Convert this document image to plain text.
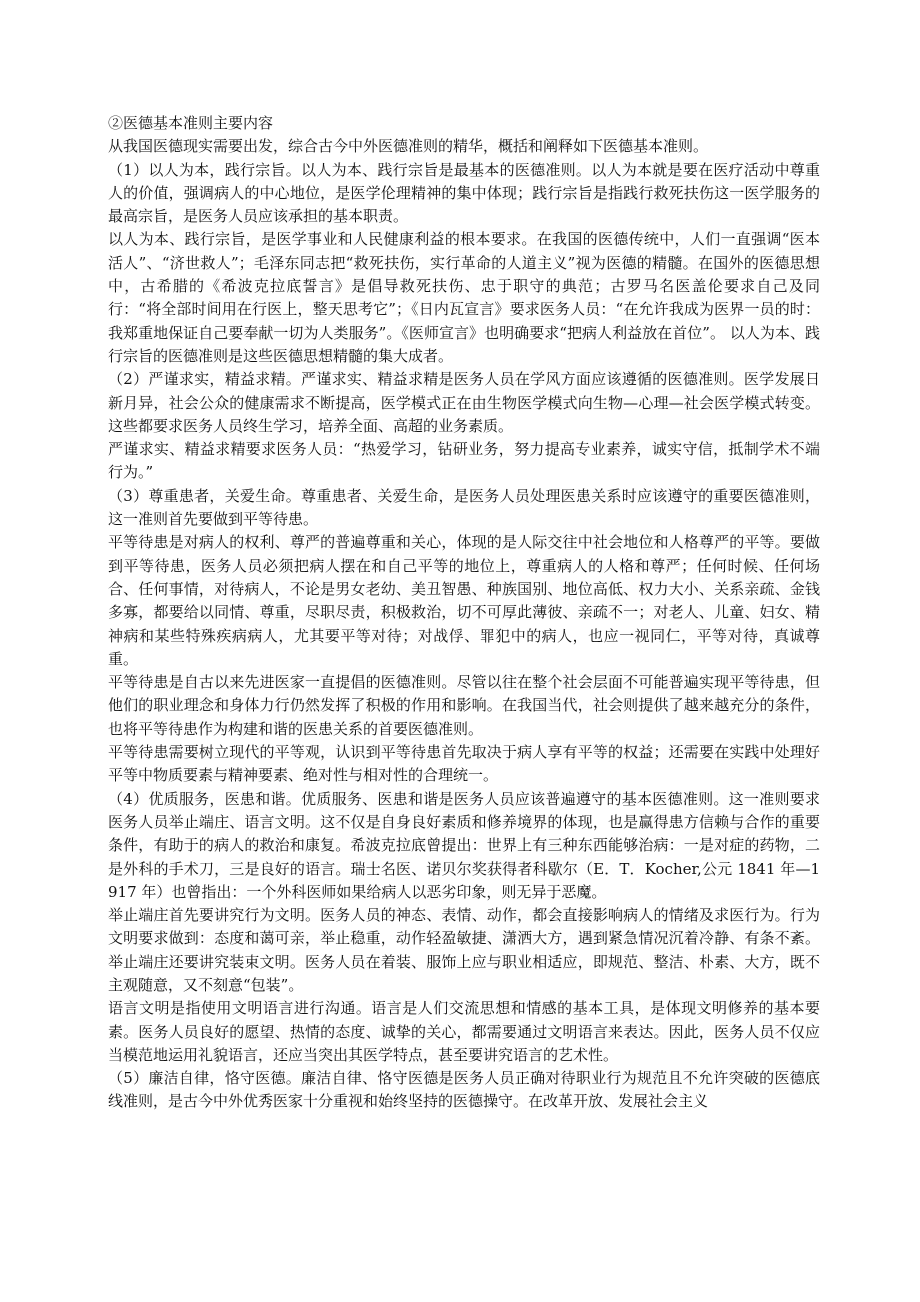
②医德基本准则主要内容

从我国医德现实需要出发，综合古今中外医德准则的精华，概括和阐释如下医德基本准则。

（1）以人为本，践行宗旨。以人为本、践行宗旨是最基本的医德准则。以人为本就是要在医疗活动中尊重人的价值，强调病人的中心地位，是医学伦理精神的集中体现；践行宗旨是指践行救死扶伤这一医学服务的最高宗旨，是医务人员应该承担的基本职责。

以人为本、践行宗旨，是医学事业和人民健康利益的根本要求。在我国的医德传统中，人们一直强调“医本活人”、“济世救人”；毛泽东同志把“救死扶伤，实行革命的人道主义”视为医德的精髓。在国外的医德思想中，古希腊的《希波克拉底誓言》是倡导救死扶伤、忠于职守的典范；古罗马名医盖伦要求自己及同行：“将全部时间用在行医上，整天思考它”；《日内瓦宣言》要求医务人员：“在允许我成为医界一员的时：我郑重地保证自己要奉献一切为人类服务”。《医师宣言》也明确要求“把病人利益放在首位”。 以人为本、践行宗旨的医德准则是这些医德思想精髓的集大成者。

（2）严谨求实，精益求精。严谨求实、精益求精是医务人员在学风方面应该遵循的医德准则。医学发展日新月异，社会公众的健康需求不断提高，医学模式正在由生物医学模式向生物—心理—社会医学模式转变。这些都要求医务人员终生学习，培养全面、高超的业务素质。

严谨求实、精益求精要求医务人员：“热爱学习，钻研业务，努力提高专业素养，诚实守信，抵制学术不端行为。”

（3）尊重患者，关爱生命。尊重患者、关爱生命，是医务人员处理医患关系时应该遵守的重要医德准则，这一准则首先要做到平等待患。

平等待患是对病人的权利、尊严的普遍尊重和关心，体现的是人际交往中社会地位和人格尊严的平等。要做到平等待患，医务人员必须把病人摆在和自己平等的地位上，尊重病人的人格和尊严；任何时候、任何场合、任何事情，对待病人，不论是男女老幼、美丑智愚、种族国别、地位高低、权力大小、关系亲疏、金钱多寡，都要给以同情、尊重，尽职尽责，积极救治，切不可厚此薄彼、亲疏不一；对老人、儿童、妇女、精神病和某些特殊疾病病人，尤其要平等对待；对战俘、罪犯中的病人，也应一视同仁，平等对待，真诚尊重。

平等待患是自古以来先进医家一直提倡的医德准则。尽管以往在整个社会层面不可能普遍实现平等待患，但他们的职业理念和身体力行仍然发挥了积极的作用和影响。在我国当代，社会则提供了越来越充分的条件，也将平等待患作为构建和谐的医患关系的首要医德准则。

平等待患需要树立现代的平等观，认识到平等待患首先取决于病人享有平等的权益；还需要在实践中处理好平等中物质要素与精神要素、绝对性与相对性的合理统一。

（4）优质服务，医患和谐。优质服务、医患和谐是医务人员应该普遍遵守的基本医德准则。这一准则要求医务人员举止端庄、语言文明。这不仅是自身良好素质和修养境界的体现，也是赢得患方信赖与合作的重要条件，有助于的病人的救治和康复。希波克拉底曾提出：世界上有三种东西能够治病：一是对症的药物，二是外科的手术刀，三是良好的语言。瑞士名医、诺贝尔奖获得者科歇尔（E．T．Kocher,公元 1841 年—1917 年）也曾指出：一个外科医师如果给病人以恶劣印象，则无异于恶魔。

举止端庄首先要讲究行为文明。医务人员的神态、表情、动作，都会直接影响病人的情绪及求医行为。行为文明要求做到：态度和蔼可亲，举止稳重，动作轻盈敏捷、潇洒大方，遇到紧急情况沉着冷静、有条不紊。举止端庄还要讲究装束文明。医务人员在着装、服饰上应与职业相适应，即规范、整洁、朴素、大方，既不主观随意，又不刻意“包装”。

语言文明是指使用文明语言进行沟通。语言是人们交流思想和情感的基本工具，是体现文明修养的基本要素。医务人员良好的愿望、热情的态度、诚挚的关心，都需要通过文明语言来表达。因此，医务人员不仅应当模范地运用礼貌语言，还应当突出其医学特点，甚至要讲究语言的艺术性。

（5）廉洁自律，恪守医德。廉洁自律、恪守医德是医务人员正确对待职业行为规范且不允许突破的医德底线准则，是古今中外优秀医家十分重视和始终坚持的医德操守。在改革开放、发展社会主义
